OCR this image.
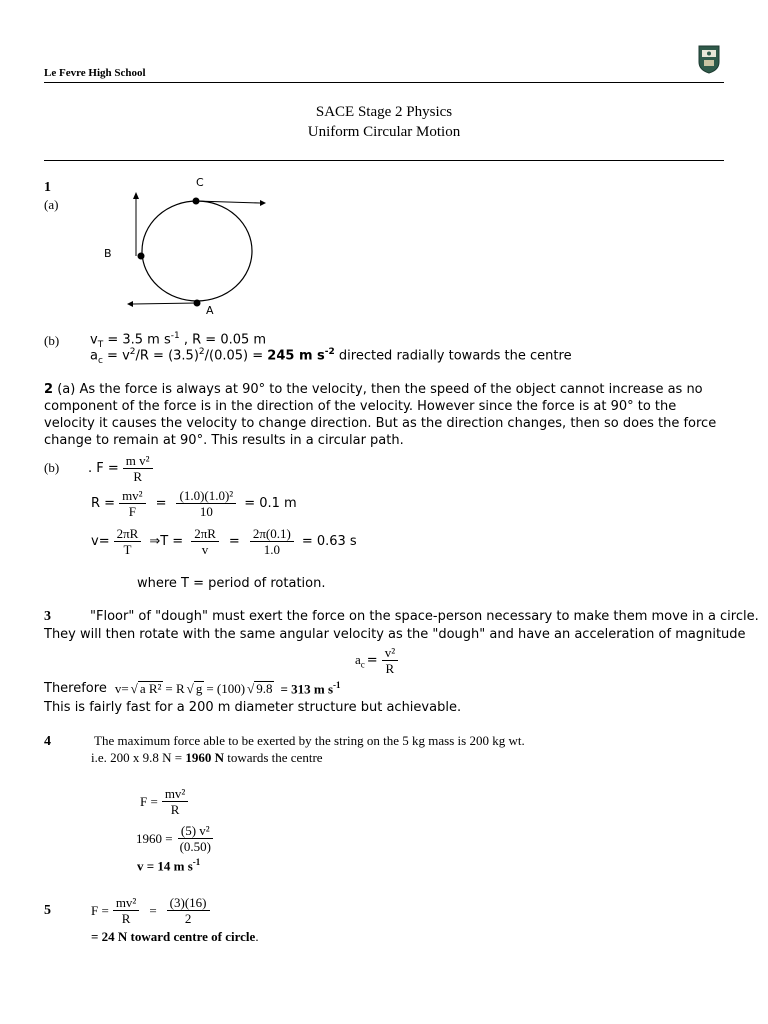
Le Fevre High School
SACE Stage 2 Physics
Uniform Circular Motion
1
(a)
C
B
A
(b) $v_T = 3.5$ m $s^{-1}$ , R = 0.05 m
$a_c = v^2/R = (3.5)^2/(0.05) = 245$ m $s^{-2}$ directed radially towards the centre
2 (a) As the force is always at 90° to the velocity, then the speed of the object cannot increase as no component of the force is in the direction of the velocity. However since the force is at 90° to the velocity it causes the velocity to change direction. But as the direction changes, then so does the force change to remain at 90°. This results in a circular path.
(b) . $F = \frac{\text{m v²}}{R}$
$R = \frac{\text{mv²}}{F} = \frac{\text{(1.0)(1.0)²}}{10} = 0.1$ m
$v= \frac{2\pi R}{T}$ ⇒T = $\frac{2\pi R}{v} = \frac{2\pi(0.1)}{1.0} = 0.63$ s
where T = period of rotation.
3	"Floor" of "dough" must exert the force on the space-person necessary to make them move in a circle.
They will then rotate with the same angular velocity as the "dough" and have an acceleration of magnitude
$a_c = \frac{\text{v²}}{R}$
Therefore v= √ a R² = R √ g = (100) √ 9.8 = 313 m $s^{-1}$
This is fairly fast for a 200 m diameter structure but achievable.
4	The maximum force able to be exerted by the string on the 5 kg mass is 200 kg wt.
i.e. 200 x 9.8 N = 1960 N towards the centre
$F = \frac{\text{mv²}}{R}$
$1960 = \frac{\text{(5) v²}}{(0.50)}$
v = 14 m $s^{-1}$
5	$F = \frac{\text{mv²}}{R} = \frac{(3)(16)}{2}$
= 24 N toward centre of circle.
